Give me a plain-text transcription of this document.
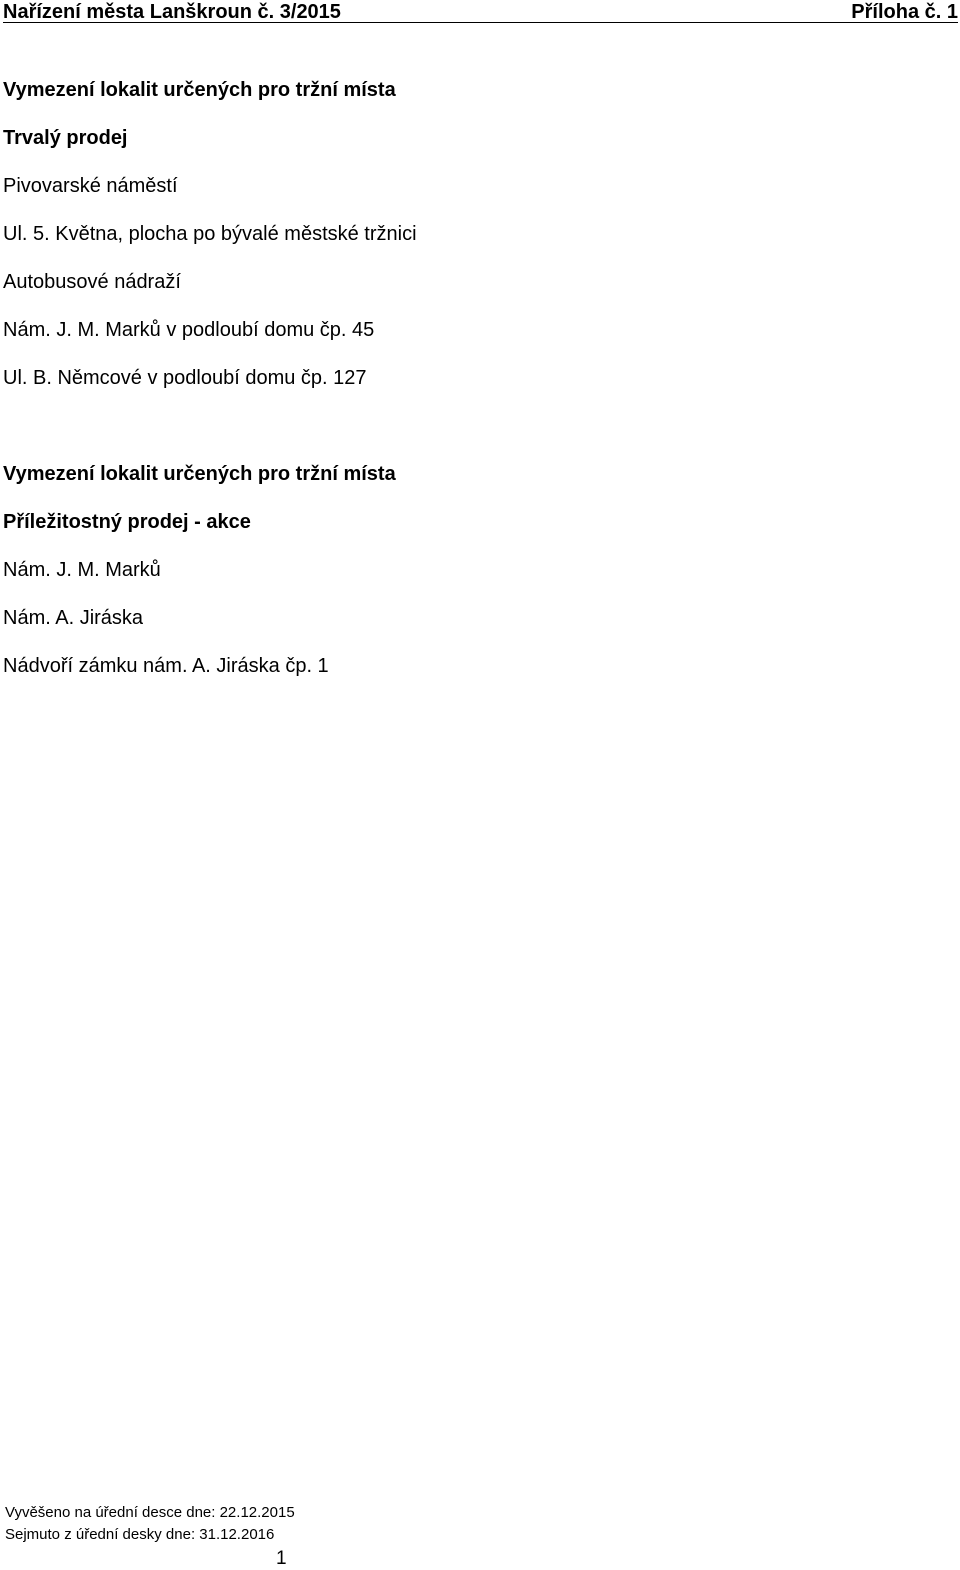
Nařízení města Lanškroun č. 3/2015	Příloha č. 1
Vymezení lokalit určených pro tržní místa
Trvalý prodej
Pivovarské náměstí
Ul. 5. Května, plocha po bývalé městské tržnici
Autobusové nádraží
Nám. J. M. Marků v podloubí domu čp. 45
Ul. B. Němcové v podloubí domu čp. 127
Vymezení lokalit určených pro tržní místa
Příležitostný prodej - akce
Nám. J. M. Marků
Nám. A. Jiráska
Nádvoří zámku nám. A. Jiráska čp. 1
Vyvěšeno na úřední desce dne: 22.12.2015
Sejmuto z úřední desky dne: 31.12.2016
1
